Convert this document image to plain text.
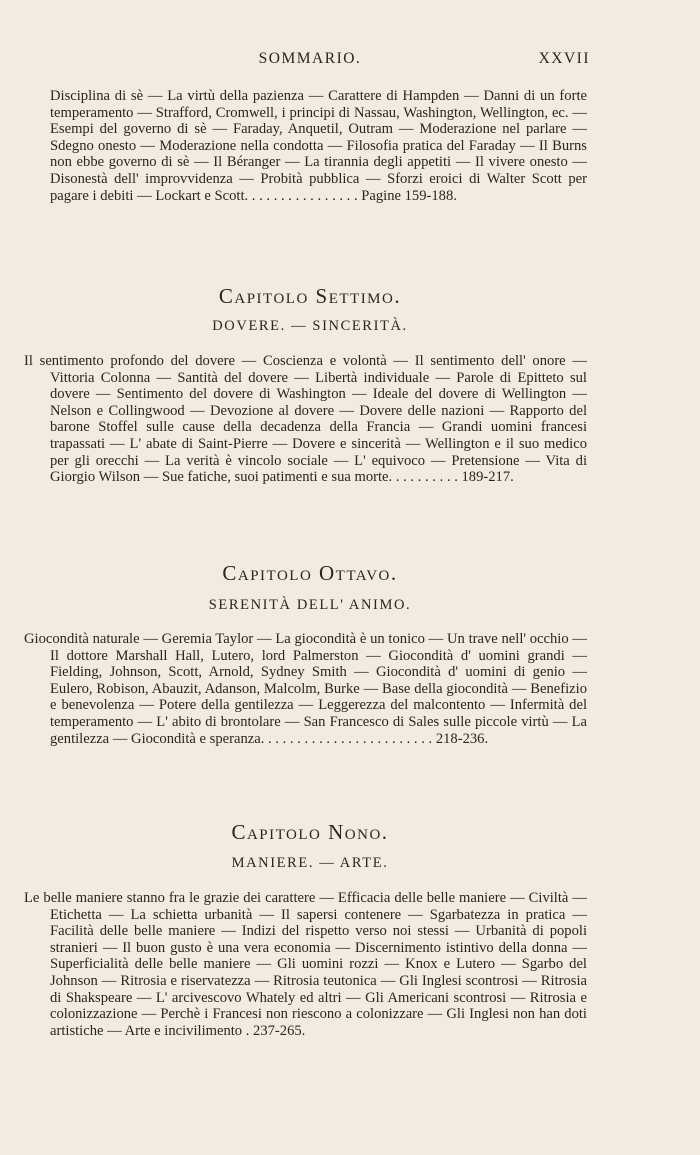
SOMMARIO.	XXVII
Disciplina di sè — La virtù della pazienza — Carattere di Hampden — Danni di un forte temperamento — Strafford, Cromwell, i principi di Nassau, Washington, Wellington, ec. — Esempi del governo di sè — Faraday, Anquetil, Outram — Moderazione nel parlare — Sdegno onesto — Moderazione nella condotta — Filosofia pratica del Faraday — Il Burns non ebbe governo di sè — Il Béranger — La tirannia degli appetiti — Il vivere onesto — Disonestà dell' improvvidenza — Probità pubblica — Sforzi eroici di Walter Scott per pagare i debiti — Lockart e Scott. . . . . . . . . . . . . . . . Pagine 159-188.
Capitolo Settimo.
DOVERE. — SINCERITÀ.
Il sentimento profondo del dovere — Coscienza e volontà — Il sentimento dell' onore — Vittoria Colonna — Santità del dovere — Libertà individuale — Parole di Epitteto sul dovere — Sentimento del dovere di Washington — Ideale del dovere di Wellington — Nelson e Collingwood — Devozione al dovere — Dovere delle nazioni — Rapporto del barone Stoffel sulle cause della decadenza della Francia — Grandi uomini francesi trapassati — L' abate di Saint-Pierre — Dovere e sincerità — Wellington e il suo medico per gli orecchi — La verità è vincolo sociale — L' equivoco — Pretensione — Vita di Giorgio Wilson — Sue fatiche, suoi patimenti e sua morte. . . . . . . . . . 189-217.
Capitolo Ottavo.
SERENITÀ DELL' ANIMO.
Giocondità naturale — Geremia Taylor — La giocondità è un tonico — Un trave nell' occhio — Il dottore Marshall Hall, Lutero, lord Palmerston — Giocondità d' uomini grandi — Fielding, Johnson, Scott, Arnold, Sydney Smith — Giocondità d' uomini di genio — Eulero, Robison, Abauzit, Adanson, Malcolm, Burke — Base della giocondità — Benefizio e benevolenza — Potere della gentilezza — Leggerezza del malcontento — Infermità del temperamento — L' abito di brontolare — San Francesco di Sales sulle piccole virtù — La gentilezza — Giocondità e speranza. . . . . . . . . . . . . . . . . . . . . . . . 218-236.
Capitolo Nono.
MANIERE. — ARTE.
Le belle maniere stanno fra le grazie dei carattere — Efficacia delle belle maniere — Civiltà — Etichetta — La schietta urbanità — Il sapersi contenere — Sgarbatezza in pratica — Facilità delle belle maniere — Indizi del rispetto verso noi stessi — Urbanità di popoli stranieri — Il buon gusto è una vera economia — Discernimento istintivo della donna — Superficialità delle belle maniere — Gli uomini rozzi — Knox e Lutero — Sgarbo del Johnson — Ritrosia e riservatezza — Ritrosia teutonica — Gli Inglesi scontrosi — Ritrosia di Shakspeare — L' arcivescovo Whately ed altri — Gli Americani scontrosi — Ritrosia e colonizzazione — Perchè i Francesi non riescono a colonizzare — Gli Inglesi non han doti artistiche — Arte e incivilimento . 237-265.
